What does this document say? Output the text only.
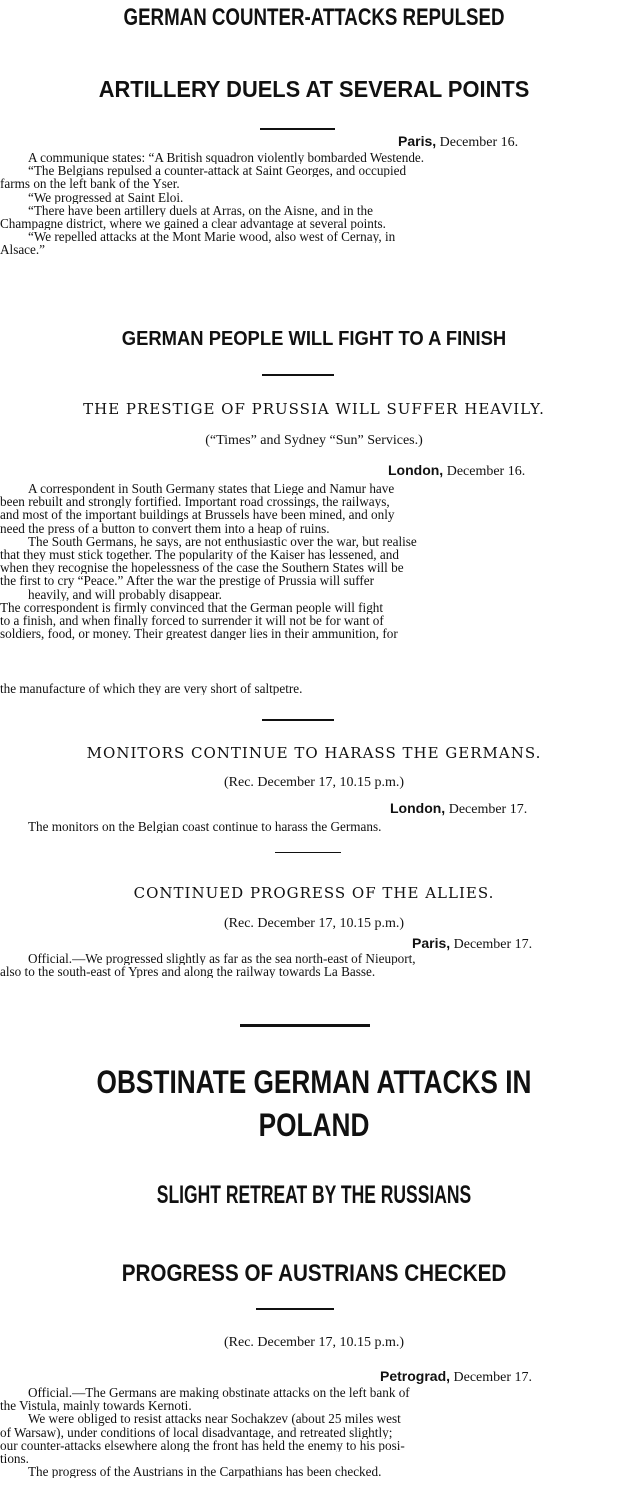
GERMAN COUNTER-ATTACKS REPULSED
ARTILLERY DUELS AT SEVERAL POINTS
Paris, December 16.
A communique states: “A British squadron violently bombarded Westende.
“The Belgians repulsed a counter-attack at Saint Georges, and occupied
farms on the left bank of the Yser.
“We progressed at Saint Eloi.
“There have been artillery duels at Arras, on the Aisne, and in the
Champagne district, where we gained a clear advantage at several points.
“We repelled attacks at the Mont Marie wood, also west of Cernay, in
Alsace.”
GERMAN PEOPLE WILL FIGHT TO A FINISH
THE PRESTIGE OF PRUSSIA WILL SUFFER HEAVILY.
(“Times” and Sydney “Sun” Services.)
London, December 16.
A correspondent in South Germany states that Liege and Namur have
been rebuilt and strongly fortified. Important road crossings, the railways,
and most of the important buildings at Brussels have been mined, and only
need the press of a button to convert them into a heap of ruins.
The South Germans, he says, are not enthusiastic over the war, but realise
that they must stick together. The popularity of the Kaiser has lessened, and
when they recognise the hopelessness of the case the Southern States will be
the first to cry “Peace.” After the war the prestige of Prussia will suffer
heavily, and will probably disappear.
The correspondent is firmly convinced that the German people will fight
to a finish, and when finally forced to surrender it will not be for want of
soldiers, food, or money. Their greatest danger lies in their ammunition, for
MONITORS CONTINUE TO HARASS THE GERMANS.
(Rec. December 17, 10.15 p.m.)
London, December 17.
The monitors on the Belgian coast continue to harass the Germans.
CONTINUED PROGRESS OF THE ALLIES.
(Rec. December 17, 10.15 p.m.)
Paris, December 17.
Official.—We progressed slightly as far as the sea north-east of Nieuport,
also to the south-east of Ypres and along the railway towards La Basse.
OBSTINATE GERMAN ATTACKS IN
POLAND
SLIGHT RETREAT BY THE RUSSIANS
PROGRESS OF AUSTRIANS CHECKED
(Rec. December 17, 10.15 p.m.)
Petrograd, December 17.
Official.—The Germans are making obstinate attacks on the left bank of
the Vistula, mainly towards Kernoti.
We were obliged to resist attacks near Sochakzev (about 25 miles west
of Warsaw), under conditions of local disadvantage, and retreated slightly;
our counter-attacks elsewhere along the front has held the enemy to his posi-
tions.
The progress of the Austrians in the Carpathians has been checked.
the manufacture of which they are very short of saltpetre.
